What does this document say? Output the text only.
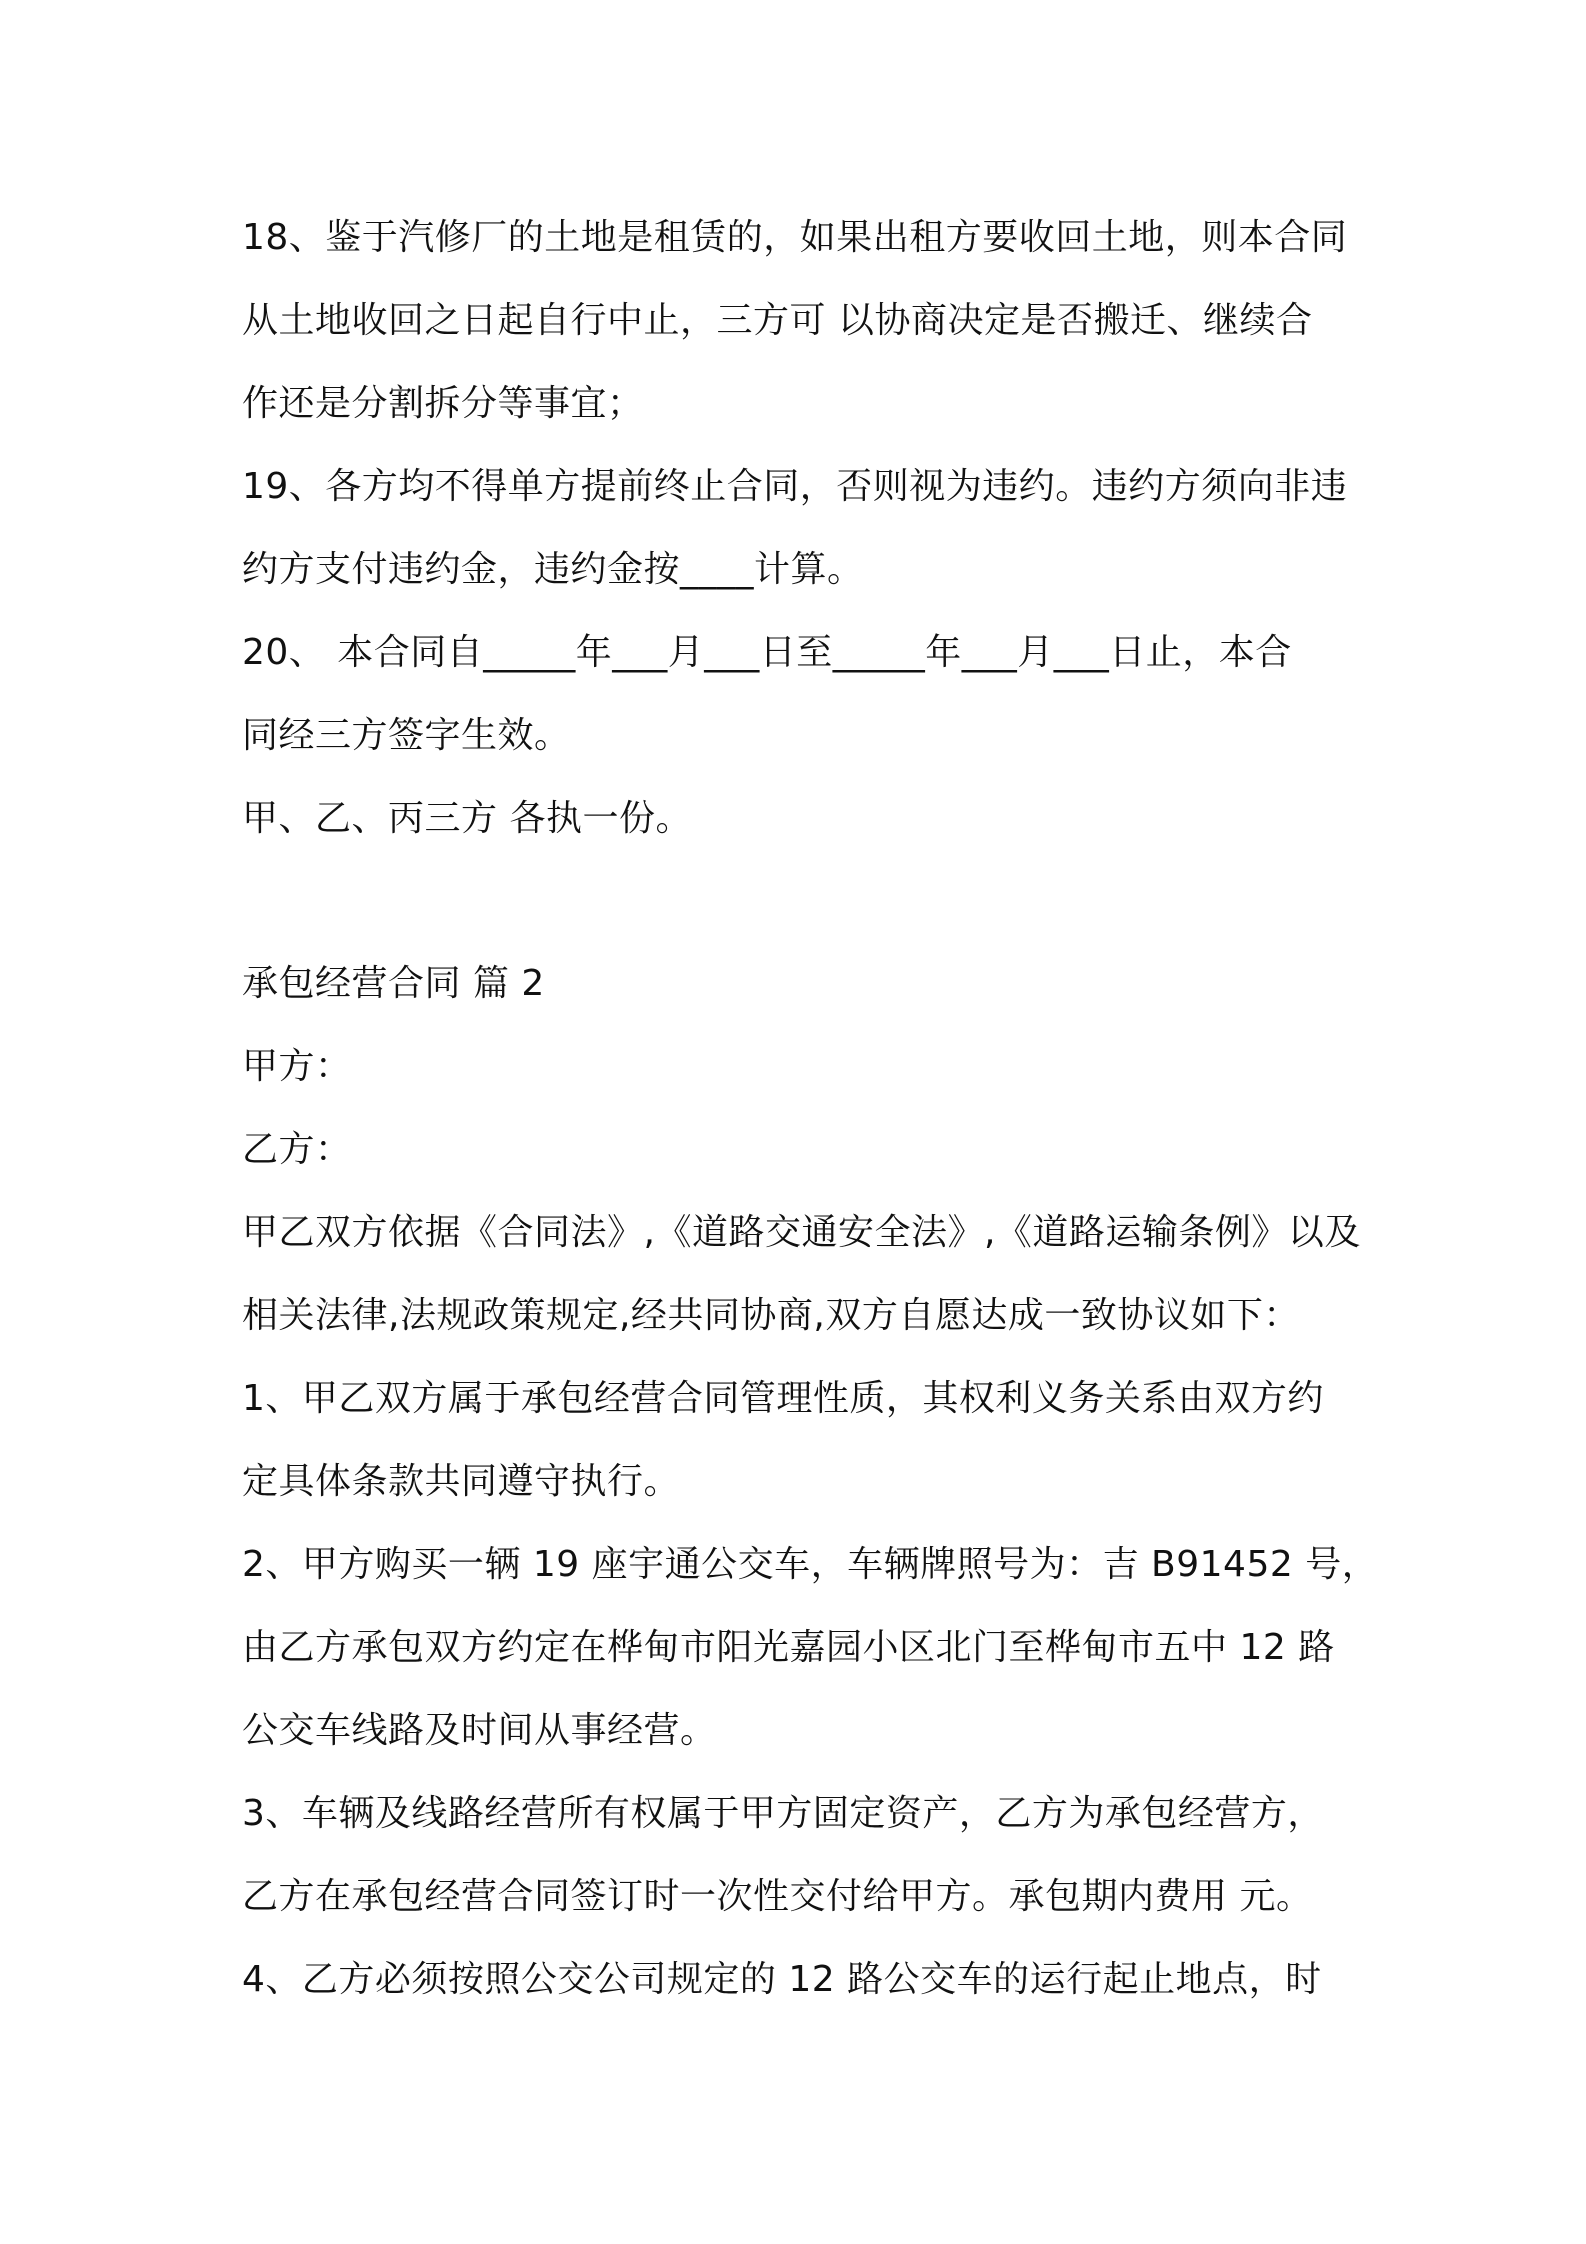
18、鉴于汽修厂的土地是租赁的，如果出租方要收回土地，则本合同
从土地收回之日起自行中止，三方可 以协商决定是否搬迁、继续合
作还是分割拆分等事宜；
19、各方均不得单方提前终止合同，否则视为违约。违约方须向非违
约方支付违约金，违约金按____计算。
20、 本合同自_____年___月___日至_____年___月___日止，本合
同经三方签字生效。
甲、乙、丙三方 各执一份。
承包经营合同 篇 2
甲方：
乙方：
甲乙双方依据《合同法》,《道路交通安全法》,《道路运输条例》以及
相关法律,法规政策规定,经共同协商,双方自愿达成一致协议如下：
1、甲乙双方属于承包经营合同管理性质，其权利义务关系由双方约
定具体条款共同遵守执行。
2、甲方购买一辆 19 座宇通公交车，车辆牌照号为：吉 B91452 号，
由乙方承包双方约定在桦甸市阳光嘉园小区北门至桦甸市五中 12 路
公交车线路及时间从事经营。
3、车辆及线路经营所有权属于甲方固定资产，乙方为承包经营方，
乙方在承包经营合同签订时一次性交付给甲方。承包期内费用 元。
4、乙方必须按照公交公司规定的 12 路公交车的运行起止地点，时
